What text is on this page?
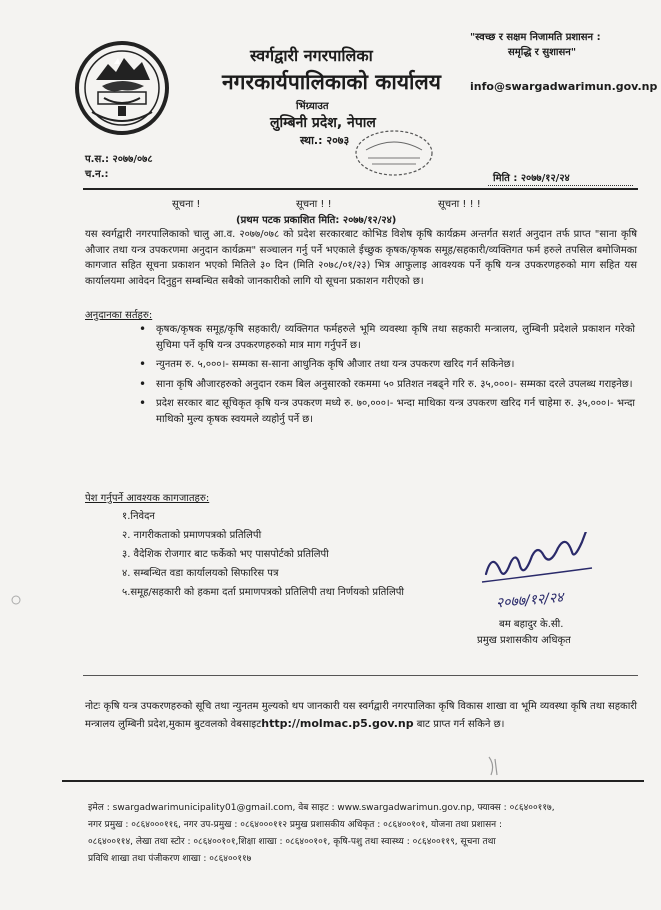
स्वर्गद्वारी नगरपालिका
नगरकार्यपालिकाको कार्यालय
भिंग्र्याउत
लुम्बिनी प्रदेश, नेपाल
स्था.: २०७३
"स्वच्छ र सक्षम निजामति प्रशासन :
समृद्धि र सुशासन"
info@swargadwarimun.gov.np
प.स.: २०७७/०७८
च.न.:	मिति : २०७७/१२/२४
सूचना !	सूचना ! !	सूचना ! ! !
(प्रथम पटक प्रकाशित मिति: २०७७/१२/२४)
यस स्वर्गद्वारी नगरपालिकाको चालु आ.व. २०७७/०७८ को प्रदेश सरकारबाट कोभिड विशेष कृषि कार्यक्रम अन्तर्गत सशर्त अनुदान तर्फ प्राप्त "साना कृषि औजार तथा यन्त्र उपकरणमा अनुदान कार्यक्रम" सञ्चालन गर्नु पर्ने भएकाले ईच्छुक कृषक/कृषक समूह/सहकारी/व्यक्तिगत फर्म हरुले तपसिल बमोजिमका कागजात सहित सूचना प्रकाशन भएको मितिले ३० दिन (मिति २०७८/०१/२३) भित्र आफुलाइ आवश्यक पर्ने कृषि यन्त्र उपकरणहरुको माग सहित यस कार्यालयमा आवेदन दिनुहुन सम्बन्धित सबैको जानकारीको लागि यो सूचना प्रकाशन गरीएको छ।
अनुदानका सर्तहरु:
• कृषक/कृषक समूह/कृषि सहकारी/ व्यक्तिगत फर्महरुले भूमि व्यवस्था कृषि तथा सहकारी मन्त्रालय, लुम्बिनी प्रदेशले प्रकाशन गरेको सुचिमा पर्ने कृषि यन्त्र उपकरणहरुको मात्र माग गर्नुपर्ने छ।
• न्युनतम रु. ५,०००।- सम्मका स-साना आधुनिक कृषि औजार तथा यन्त्र उपकरण खरिद गर्न सकिनेछ।
• साना कृषि औजारहरुको अनुदान रकम बिल अनुसारको रकममा ५० प्रतिशत नबढ्ने गरि रु. ३५,०००।- सम्मका दरले उपलब्ध गराइनेछ।
• प्रदेश सरकार बाट सूचिकृत कृषि यन्त्र उपकरण मध्ये रु. ७०,०००।- भन्दा माथिका यन्त्र उपकरण खरिद गर्न चाहेमा रु. ३५,०००।- भन्दा माथिको मुल्य कृषक स्वयमले व्यहोर्नु पर्ने छ।
पेश गर्नुपर्ने आवश्यक कागजातहरु:
१.निवेदन
२. नागरीकताको प्रमाणपत्रको प्रतिलिपी
३. वैदेशिक रोजगार बाट फर्केको भए पासपोर्टको प्रतिलिपी
४. सम्बन्धित वडा कार्यालयको सिफारिस पत्र
५.समूह/सहकारी को हकमा दर्ता प्रमाणपत्रको प्रतिलिपी तथा निर्णयको प्रतिलिपी	२०७७/१२/२४
बम बहादुर के.सी.
प्रमुख प्रशासकीय अधिकृत
नोटः कृषि यन्त्र उपकरणहरुको सूचि तथा न्युनतम मुल्यको थप जानकारी यस स्वर्गद्वारी नगरपालिका कृषि विकास शाखा वा भूमि व्यवस्था कृषि तथा सहकारी मन्त्रालय लुम्बिनी प्रदेश,मुकाम बुटवलको वेबसाइटhttp://molmac.p5.gov.np बाट प्राप्त गर्न सकिने छ।
इमेल : swargadwarimunicipality01@gmail.com, वेब साइट : www.swargadwarimun.gov.np, फ्याक्स : ०८६४००११७,
नगर प्रमुख : ०८६४०००११६, नगर उप-प्रमुख : ०८६४०००११२ प्रमुख प्रशासकीय अधिकृत : ०८६४००१०१, योजना तथा प्रशासन :
०८६४००११४, लेखा तथा स्टोर : ०८६४००१०१,शिक्षा शाखा : ०८६४००१०१, कृषि-पशु तथा स्वास्थ्य : ०८६४००११९, सूचना तथा
प्रविधि शाखा तथा पंजीकरण शाखा : ०८६४००११७
